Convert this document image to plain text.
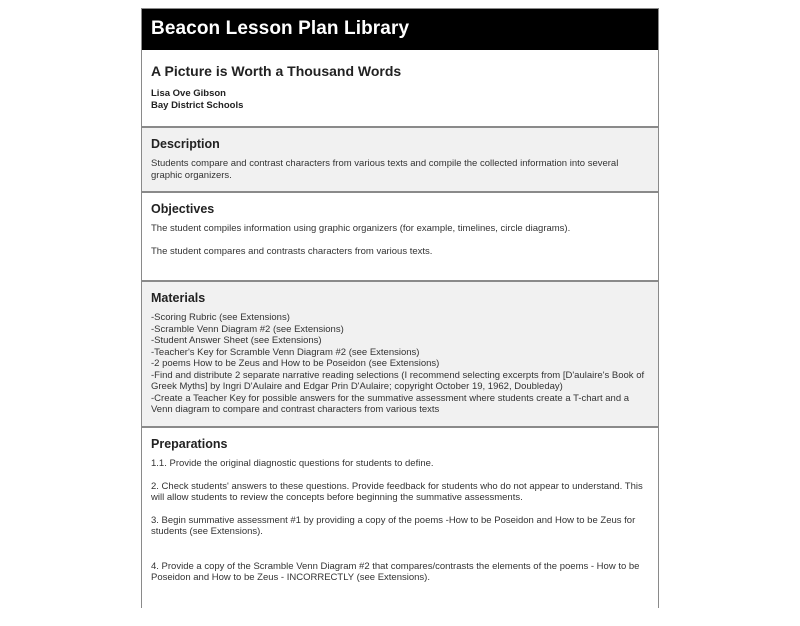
Beacon Lesson Plan Library
A Picture is Worth a Thousand Words
Lisa Ove Gibson
Bay District Schools
Description

Students compare and contrast characters from various texts and compile the collected information into several graphic organizers.

Objectives

The student compiles information using graphic organizers (for example, timelines, circle diagrams).

The student compares and contrasts characters from various texts.

Materials
-Scoring Rubric (see Extensions)
-Scramble Venn Diagram #2 (see Extensions)
-Student Answer Sheet (see Extensions)
-Teacher's Key for Scramble Venn Diagram #2 (see Extensions)
-2 poems How to be Zeus and How to be Poseidon (see Extensions)
-Find and distribute 2 separate narrative reading selections (I recommend selecting excerpts from [D'aulaire's Book of Greek Myths] by Ingri D'Aulaire and Edgar Prin D'Aulaire; copyright October 19, 1962, Doubleday)
-Create a Teacher Key for possible answers for the summative assessment where students create a T-chart and a Venn diagram to compare and contrast characters from various texts
Preparations

1.1. Provide the original diagnostic questions for students to define.

2. Check students' answers to these questions. Provide feedback for students who do not appear to understand. This will allow students to review the concepts before beginning the summative assessments.

3. Begin summative assessment #1 by providing a copy of the poems -How to be Poseidon and How to be Zeus for students (see Extensions).

4. Provide a copy of the Scramble Venn Diagram #2 that compares/contrasts the elements of the poems - How to be Poseidon and How to be Zeus - INCORRECTLY (see Extensions).
